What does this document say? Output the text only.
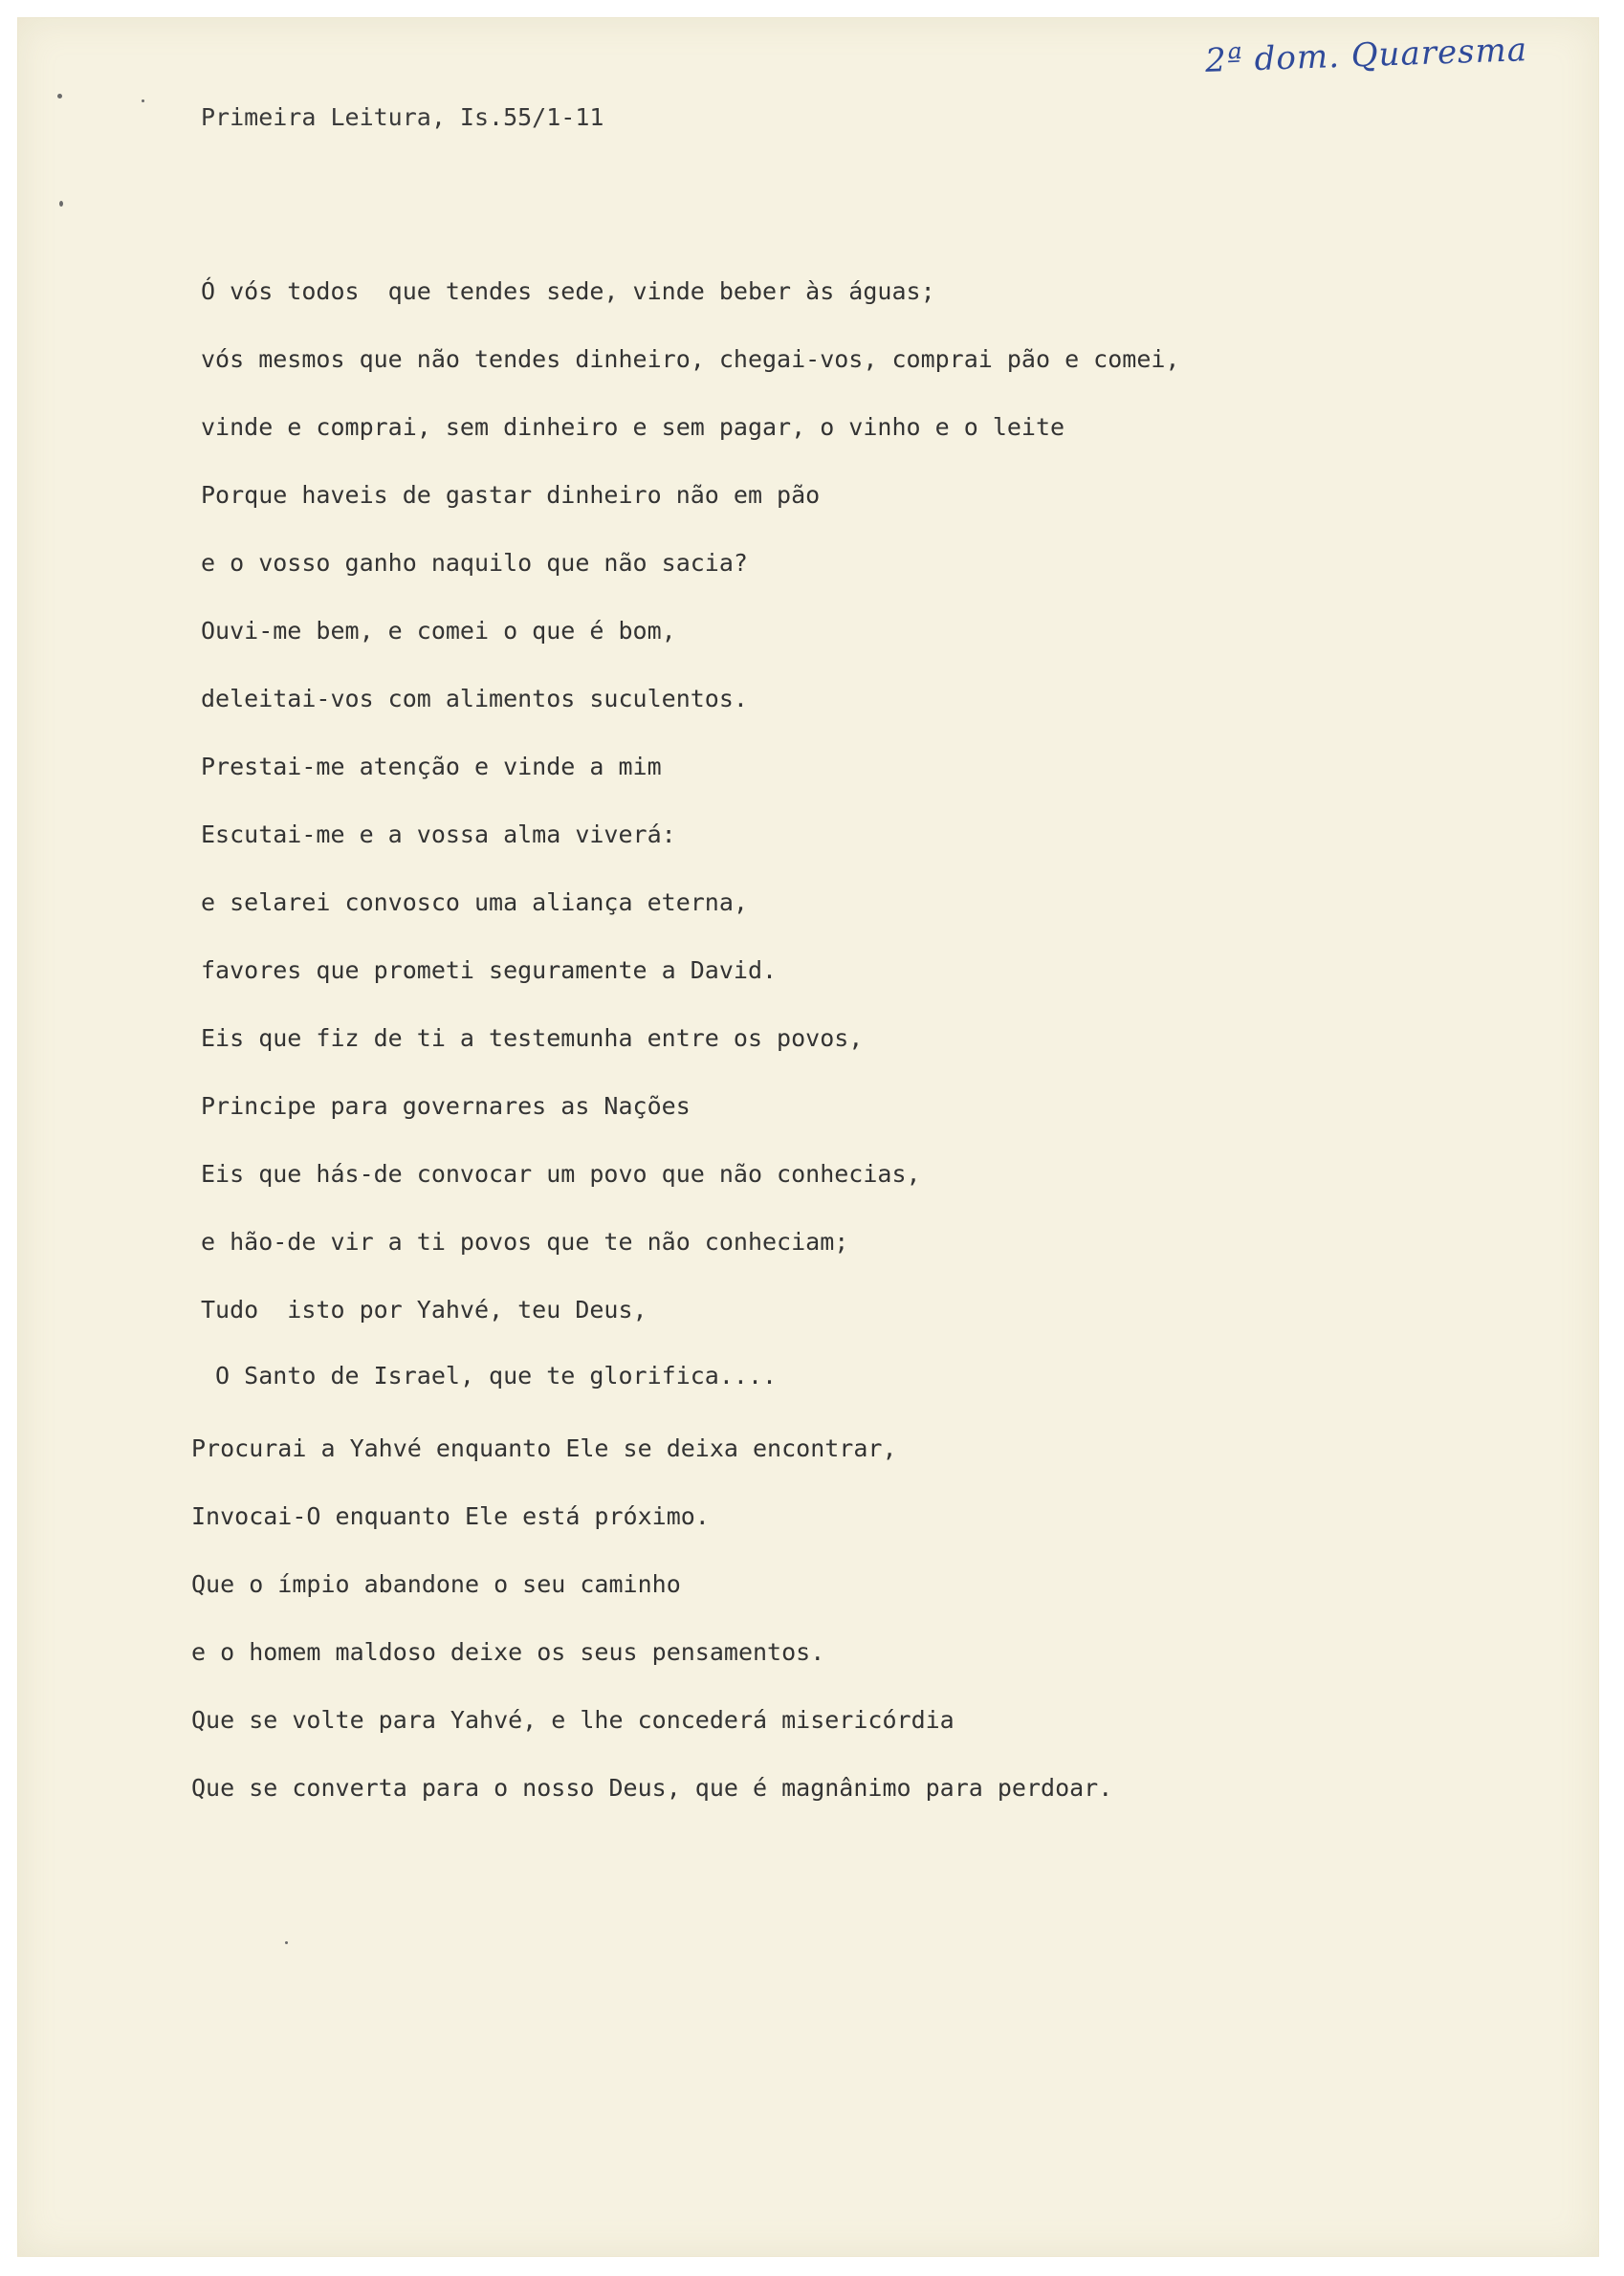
2ª dom. Quaresma
Primeira Leitura, Is.55/1-11
Ó vós todos  que tendes sede, vinde beber às águas;
vós mesmos que não tendes dinheiro, chegai-vos, comprai pão e comei,
vinde e comprai, sem dinheiro e sem pagar, o vinho e o leite
Porque haveis de gastar dinheiro não em pão
e o vosso ganho naquilo que não sacia?
Ouvi-me bem, e comei o que é bom,
deleitai-vos com alimentos suculentos.
Prestai-me atenção e vinde a mim
Escutai-me e a vossa alma viverá:
e selarei convosco uma aliança eterna,
favores que prometi seguramente a David.
Eis que fiz de ti a testemunha entre os povos,
Principe para governares as Nações
Eis que hás-de convocar um povo que não conhecias,
e hão-de vir a ti povos que te não conheciam;
Tudo  isto por Yahvé, teu Deus,
O Santo de Israel, que te glorifica....
Procurai a Yahvé enquanto Ele se deixa encontrar,
Invocai-O enquanto Ele está próximo.
Que o ímpio abandone o seu caminho
e o homem maldoso deixe os seus pensamentos.
Que se volte para Yahvé, e lhe concederá misericórdia
Que se converta para o nosso Deus, que é magnânimo para perdoar.
